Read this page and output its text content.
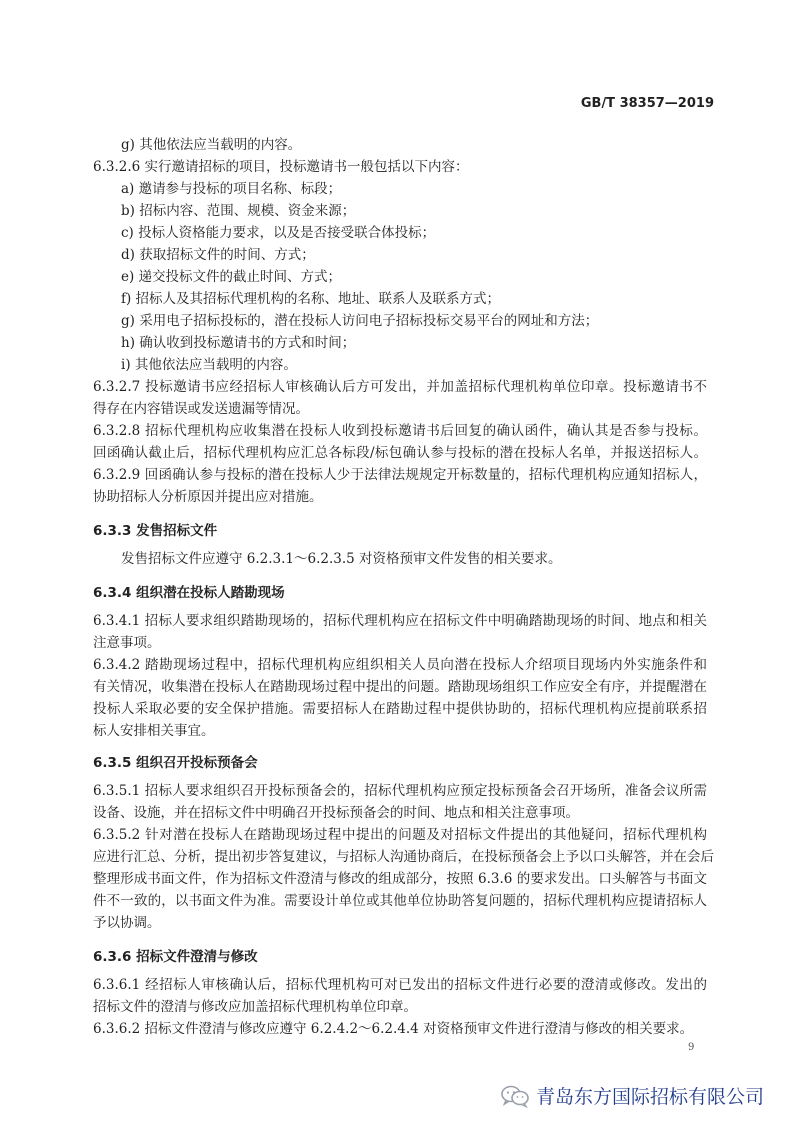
GB/T 38357—2019
g) 其他依法应当载明的内容。
6.3.2.6 实行邀请招标的项目，投标邀请书一般包括以下内容：
a) 邀请参与投标的项目名称、标段；
b) 招标内容、范围、规模、资金来源；
c) 投标人资格能力要求，以及是否接受联合体投标；
d) 获取招标文件的时间、方式；
e) 递交投标文件的截止时间、方式；
f) 招标人及其招标代理机构的名称、地址、联系人及联系方式；
g) 采用电子招标投标的，潜在投标人访问电子招标投标交易平台的网址和方法；
h) 确认收到投标邀请书的方式和时间；
i) 其他依法应当载明的内容。
6.3.2.7 投标邀请书应经招标人审核确认后方可发出，并加盖招标代理机构单位印章。投标邀请书不
得存在内容错误或发送遗漏等情况。
6.3.2.8 招标代理机构应收集潜在投标人收到投标邀请书后回复的确认函件，确认其是否参与投标。
回函确认截止后，招标代理机构应汇总各标段/标包确认参与投标的潜在投标人名单，并报送招标人。
6.3.2.9 回函确认参与投标的潜在投标人少于法律法规规定开标数量的，招标代理机构应通知招标人，
协助招标人分析原因并提出应对措施。
6.3.3 发售招标文件
发售招标文件应遵守 6.2.3.1～6.2.3.5 对资格预审文件发售的相关要求。
6.3.4 组织潜在投标人踏勘现场
6.3.4.1 招标人要求组织踏勘现场的，招标代理机构应在招标文件中明确踏勘现场的时间、地点和相关
注意事项。
6.3.4.2 踏勘现场过程中，招标代理机构应组织相关人员向潜在投标人介绍项目现场内外实施条件和
有关情况，收集潜在投标人在踏勘现场过程中提出的问题。踏勘现场组织工作应安全有序，并提醒潜在
投标人采取必要的安全保护措施。需要招标人在踏勘过程中提供协助的，招标代理机构应提前联系招
标人安排相关事宜。
6.3.5 组织召开投标预备会
6.3.5.1 招标人要求组织召开投标预备会的，招标代理机构应预定投标预备会召开场所，准备会议所需
设备、设施，并在招标文件中明确召开投标预备会的时间、地点和相关注意事项。
6.3.5.2 针对潜在投标人在踏勘现场过程中提出的问题及对招标文件提出的其他疑问，招标代理机构
应进行汇总、分析，提出初步答复建议，与招标人沟通协商后，在投标预备会上予以口头解答，并在会后
整理形成书面文件，作为招标文件澄清与修改的组成部分，按照 6.3.6 的要求发出。口头解答与书面文
件不一致的，以书面文件为准。需要设计单位或其他单位协助答复问题的，招标代理机构应提请招标人
予以协调。
6.3.6 招标文件澄清与修改
6.3.6.1 经招标人审核确认后，招标代理机构可对已发出的招标文件进行必要的澄清或修改。发出的
招标文件的澄清与修改应加盖招标代理机构单位印章。
6.3.6.2 招标文件澄清与修改应遵守 6.2.4.2～6.2.4.4 对资格预审文件进行澄清与修改的相关要求。
9
青岛东方国际招标有限公司
